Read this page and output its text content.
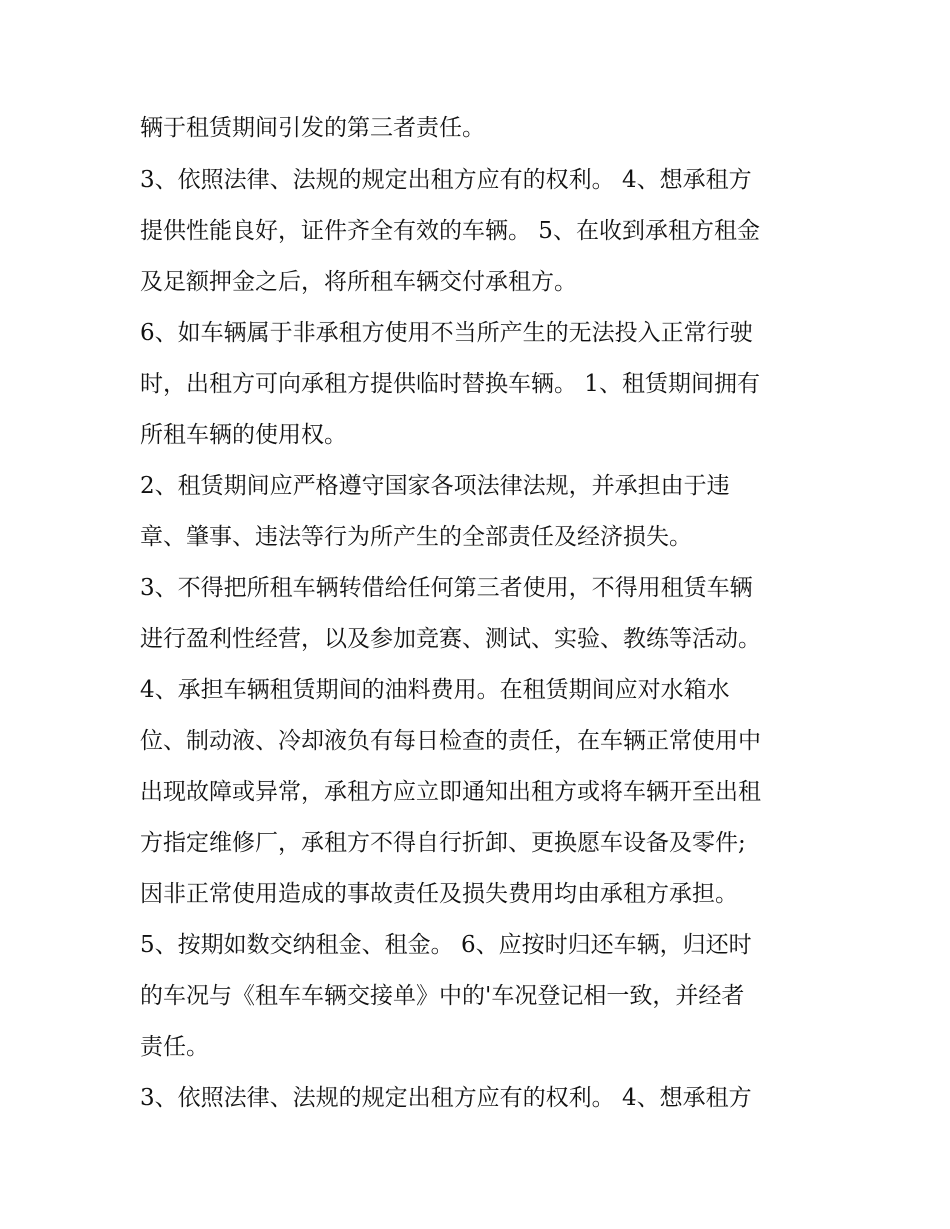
辆于租赁期间引发的第三者责任。
3、依照法律、法规的规定出租方应有的权利。 4、想承租方
提供性能良好，证件齐全有效的车辆。 5、在收到承租方租金
及足额押金之后，将所租车辆交付承租方。
6、如车辆属于非承租方使用不当所产生的无法投入正常行驶
时，出租方可向承租方提供临时替换车辆。 1、租赁期间拥有
所租车辆的使用权。
2、租赁期间应严格遵守国家各项法律法规，并承担由于违
章、肇事、违法等行为所产生的全部责任及经济损失。
3、不得把所租车辆转借给任何第三者使用，不得用租赁车辆
进行盈利性经营，以及参加竞赛、测试、实验、教练等活动。
4、承担车辆租赁期间的油料费用。在租赁期间应对水箱水
位、制动液、冷却液负有每日检查的责任，在车辆正常使用中
出现故障或异常，承租方应立即通知出租方或将车辆开至出租
方指定维修厂，承租方不得自行折卸、更换愿车设备及零件;
因非正常使用造成的事故责任及损失费用均由承租方承担。
5、按期如数交纳租金、租金。 6、应按时归还车辆，归还时
的车况与《租车车辆交接单》中的'车况登记相一致，并经者
责任。
3、依照法律、法规的规定出租方应有的权利。 4、想承租方
